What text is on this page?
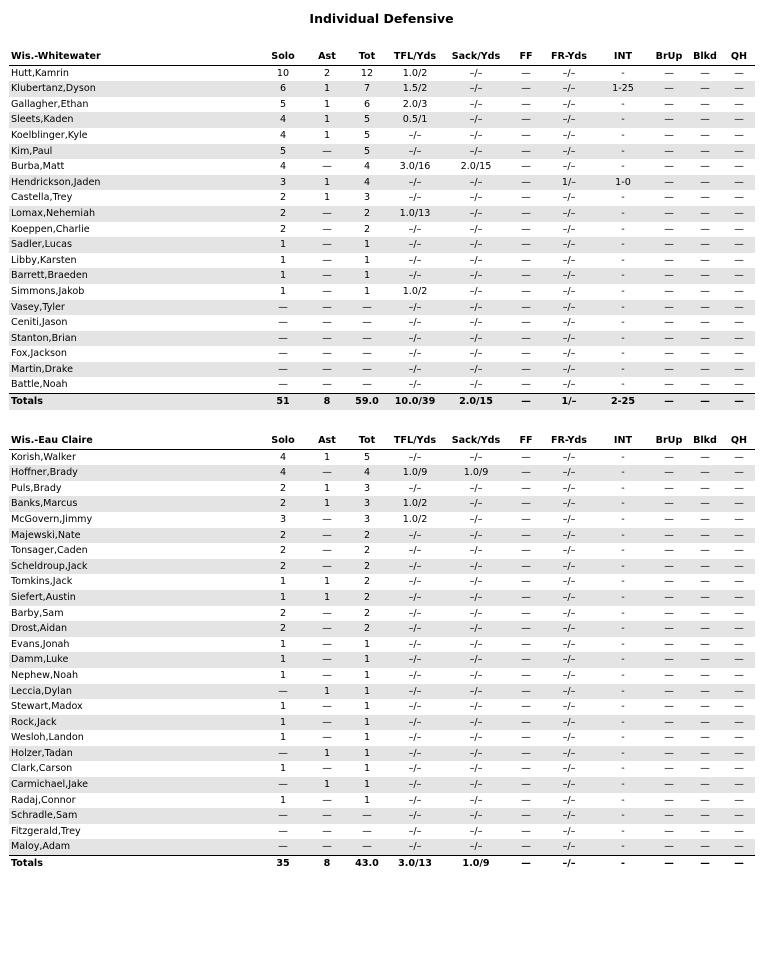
Individual Defensive
Wis.-Whitewater	Solo	Ast	Tot	TFL/Yds	Sack/Yds	FF	FR-Yds	INT	BrUp	Blkd	QH
Hutt,Kamrin	10	2	12	1.0/2	–/–	—	–/–	-	—	—	—
Klubertanz,Dyson	6	1	7	1.5/2	–/–	—	–/–	1-25	—	—	—
Gallagher,Ethan	5	1	6	2.0/3	–/–	—	–/–	-	—	—	—
Sleets,Kaden	4	1	5	0.5/1	–/–	—	–/–	-	—	—	—
Koelblinger,Kyle	4	1	5	–/–	–/–	—	–/–	-	—	—	—
Kim,Paul	5	—	5	–/–	–/–	—	–/–	-	—	—	—
Burba,Matt	4	—	4	3.0/16	2.0/15	—	–/–	-	—	—	—
Hendrickson,Jaden	3	1	4	–/–	–/–	—	1/–	1-0	—	—	—
Castella,Trey	2	1	3	–/–	–/–	—	–/–	-	—	—	—
Lomax,Nehemiah	2	—	2	1.0/13	–/–	—	–/–	-	—	—	—
Koeppen,Charlie	2	—	2	–/–	–/–	—	–/–	-	—	—	—
Sadler,Lucas	1	—	1	–/–	–/–	—	–/–	-	—	—	—
Libby,Karsten	1	—	1	–/–	–/–	—	–/–	-	—	—	—
Barrett,Braeden	1	—	1	–/–	–/–	—	–/–	-	—	—	—
Simmons,Jakob	1	—	1	1.0/2	–/–	—	–/–	-	—	—	—
Vasey,Tyler	—	—	—	–/–	–/–	—	–/–	-	—	—	—
Ceniti,Jason	—	—	—	–/–	–/–	—	–/–	-	—	—	—
Stanton,Brian	—	—	—	–/–	–/–	—	–/–	-	—	—	—
Fox,Jackson	—	—	—	–/–	–/–	—	–/–	-	—	—	—
Martin,Drake	—	—	—	–/–	–/–	—	–/–	-	—	—	—
Battle,Noah	—	—	—	–/–	–/–	—	–/–	-	—	—	—
Totals	51	8	59.0	10.0/39	2.0/15	—	1/–	2-25	—	—	—
Wis.-Eau Claire	Solo	Ast	Tot	TFL/Yds	Sack/Yds	FF	FR-Yds	INT	BrUp	Blkd	QH
Korish,Walker	4	1	5	–/–	–/–	—	–/–	-	—	—	—
Hoffner,Brady	4	—	4	1.0/9	1.0/9	—	–/–	-	—	—	—
Puls,Brady	2	1	3	–/–	–/–	—	–/–	-	—	—	—
Banks,Marcus	2	1	3	1.0/2	–/–	—	–/–	-	—	—	—
McGovern,Jimmy	3	—	3	1.0/2	–/–	—	–/–	-	—	—	—
Majewski,Nate	2	—	2	–/–	–/–	—	–/–	-	—	—	—
Tonsager,Caden	2	—	2	–/–	–/–	—	–/–	-	—	—	—
Scheldroup,Jack	2	—	2	–/–	–/–	—	–/–	-	—	—	—
Tomkins,Jack	1	1	2	–/–	–/–	—	–/–	-	—	—	—
Siefert,Austin	1	1	2	–/–	–/–	—	–/–	-	—	—	—
Barby,Sam	2	—	2	–/–	–/–	—	–/–	-	—	—	—
Drost,Aidan	2	—	2	–/–	–/–	—	–/–	-	—	—	—
Evans,Jonah	1	—	1	–/–	–/–	—	–/–	-	—	—	—
Damm,Luke	1	—	1	–/–	–/–	—	–/–	-	—	—	—
Nephew,Noah	1	—	1	–/–	–/–	—	–/–	-	—	—	—
Leccia,Dylan	—	1	1	–/–	–/–	—	–/–	-	—	—	—
Stewart,Madox	1	—	1	–/–	–/–	—	–/–	-	—	—	—
Rock,Jack	1	—	1	–/–	–/–	—	–/–	-	—	—	—
Wesloh,Landon	1	—	1	–/–	–/–	—	–/–	-	—	—	—
Holzer,Tadan	—	1	1	–/–	–/–	—	–/–	-	—	—	—
Clark,Carson	1	—	1	–/–	–/–	—	–/–	-	—	—	—
Carmichael,Jake	—	1	1	–/–	–/–	—	–/–	-	—	—	—
Radaj,Connor	1	—	1	–/–	–/–	—	–/–	-	—	—	—
Schradle,Sam	—	—	—	–/–	–/–	—	–/–	-	—	—	—
Fitzgerald,Trey	—	—	—	–/–	–/–	—	–/–	-	—	—	—
Maloy,Adam	—	—	—	–/–	–/–	—	–/–	-	—	—	—
Totals	35	8	43.0	3.0/13	1.0/9	—	–/–	-	—	—	—
